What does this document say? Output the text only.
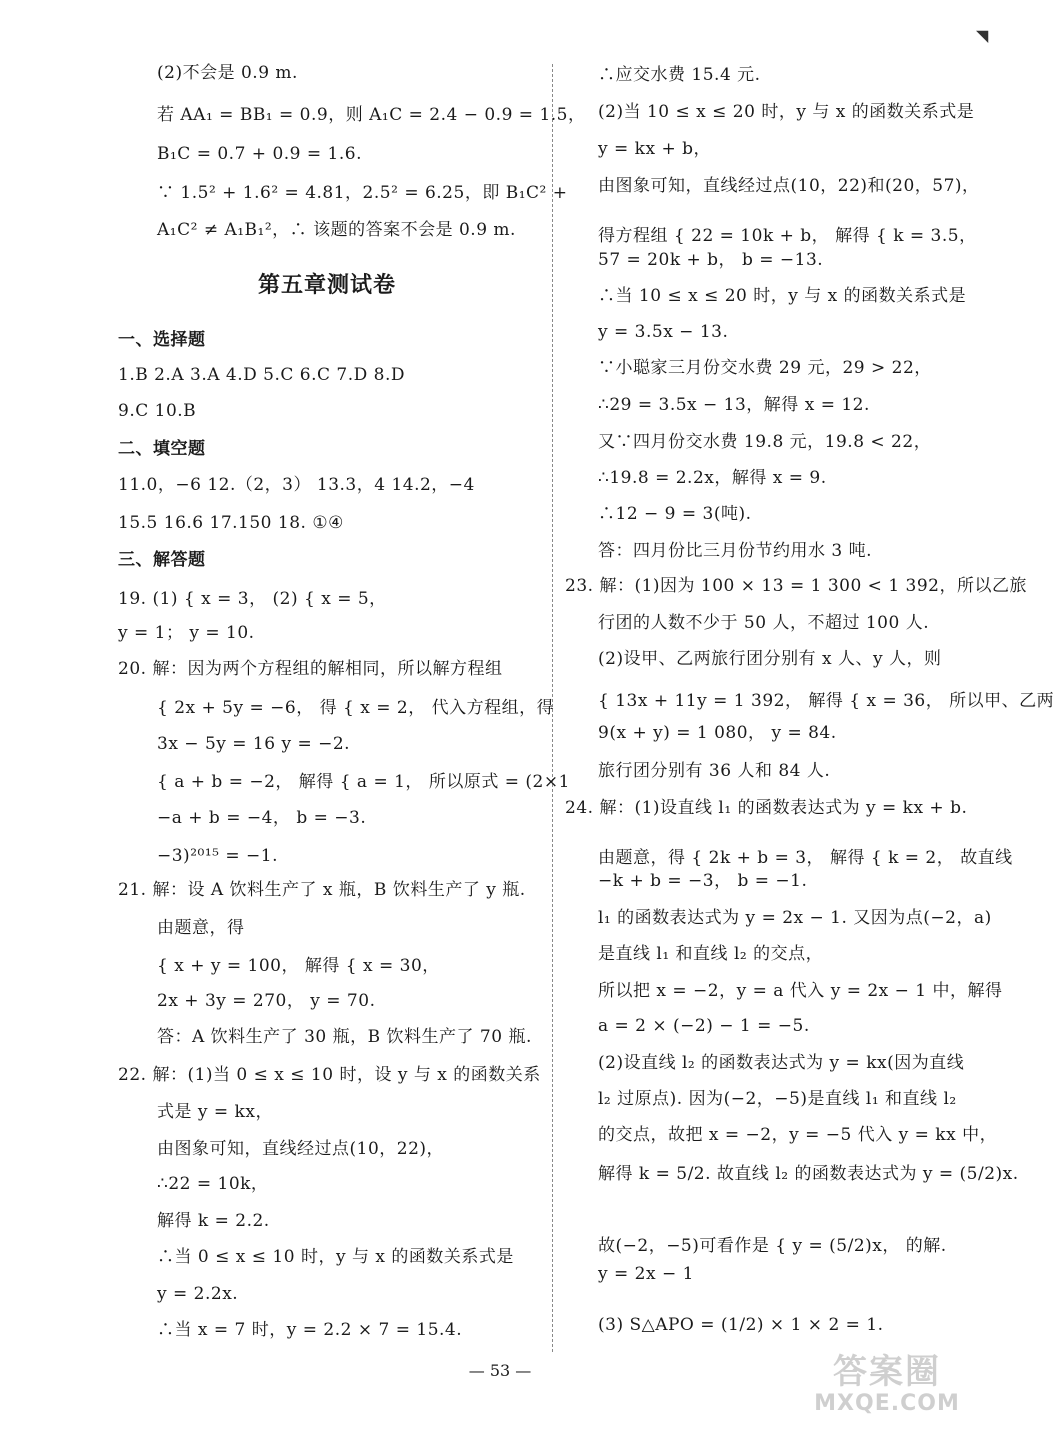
(2)不会是 0.9 m.
若 AA₁ = BB₁ = 0.9，则 A₁C = 2.4 − 0.9 = 1.5，
B₁C = 0.7 + 0.9 = 1.6.
∵ 1.5² + 1.6² = 4.81，2.5² = 6.25，即 B₁C² +
A₁C² ≠ A₁B₁²，∴ 该题的答案不会是 0.9 m.
一、选择题
1.B 2.A 3.A 4.D 5.C 6.C 7.D 8.D
9.C 10.B
二、填空题
11.0，−6 12.（2，3） 13.3，4 14.2，−4
15.5 16.6 17.150 18. ①④
三、解答题
19. (1) { x = 3， (2) { x = 5，
y = 1； y = 10.
20. 解：因为两个方程组的解相同，所以解方程组
{ 2x + 5y = −6， 得 { x = 2， 代入方程组，得
3x − 5y = 16 y = −2.
{ a + b = −2， 解得 { a = 1， 所以原式 = (2×1
−a + b = −4， b = −3.
−3)²⁰¹⁵ = −1.
21. 解：设 A 饮料生产了 x 瓶，B 饮料生产了 y 瓶.
由题意，得
{ x + y = 100， 解得 { x = 30，
2x + 3y = 270， y = 70.
答：A 饮料生产了 30 瓶，B 饮料生产了 70 瓶.
22. 解：(1)当 0 ≤ x ≤ 10 时，设 y 与 x 的函数关系
式是 y = kx，
由图象可知，直线经过点(10，22)，
∴22 = 10k，
解得 k = 2.2.
∴当 0 ≤ x ≤ 10 时，y 与 x 的函数关系式是
y = 2.2x.
∴当 x = 7 时，y = 2.2 × 7 = 15.4.
∴应交水费 15.4 元.
(2)当 10 ≤ x ≤ 20 时，y 与 x 的函数关系式是
y = kx + b，
由图象可知，直线经过点(10，22)和(20，57)，
得方程组 { 22 = 10k + b， 解得 { k = 3.5，
57 = 20k + b， b = −13.
∴当 10 ≤ x ≤ 20 时，y 与 x 的函数关系式是
y = 3.5x − 13.
∵小聪家三月份交水费 29 元，29 > 22，
∴29 = 3.5x − 13，解得 x = 12.
又∵四月份交水费 19.8 元，19.8 < 22，
∴19.8 = 2.2x，解得 x = 9.
∴12 − 9 = 3(吨).
答：四月份比三月份节约用水 3 吨.
23. 解：(1)因为 100 × 13 = 1 300 < 1 392，所以乙旅
行团的人数不少于 50 人，不超过 100 人.
(2)设甲、乙两旅行团分别有 x 人、y 人，则
{ 13x + 11y = 1 392， 解得 { x = 36， 所以甲、乙两
9(x + y) = 1 080， y = 84.
旅行团分别有 36 人和 84 人.
24. 解：(1)设直线 l₁ 的函数表达式为 y = kx + b.
由题意，得 { 2k + b = 3， 解得 { k = 2， 故直线
−k + b = −3， b = −1.
l₁ 的函数表达式为 y = 2x − 1. 又因为点(−2，a)
是直线 l₁ 和直线 l₂ 的交点，
所以把 x = −2，y = a 代入 y = 2x − 1 中，解得
a = 2 × (−2) − 1 = −5.
(2)设直线 l₂ 的函数表达式为 y = kx(因为直线
l₂ 过原点). 因为(−2，−5)是直线 l₁ 和直线 l₂
的交点，故把 x = −2，y = −5 代入 y = kx 中，
解得 k = 5/2. 故直线 l₂ 的函数表达式为 y = (5/2)x.
故(−2，−5)可看作是 { y = (5/2)x， 的解.
y = 2x − 1
(3) S△APO = (1/2) × 1 × 2 = 1.
第五章测试卷
— 53 —	答案圈
MXQE.COM
◥
